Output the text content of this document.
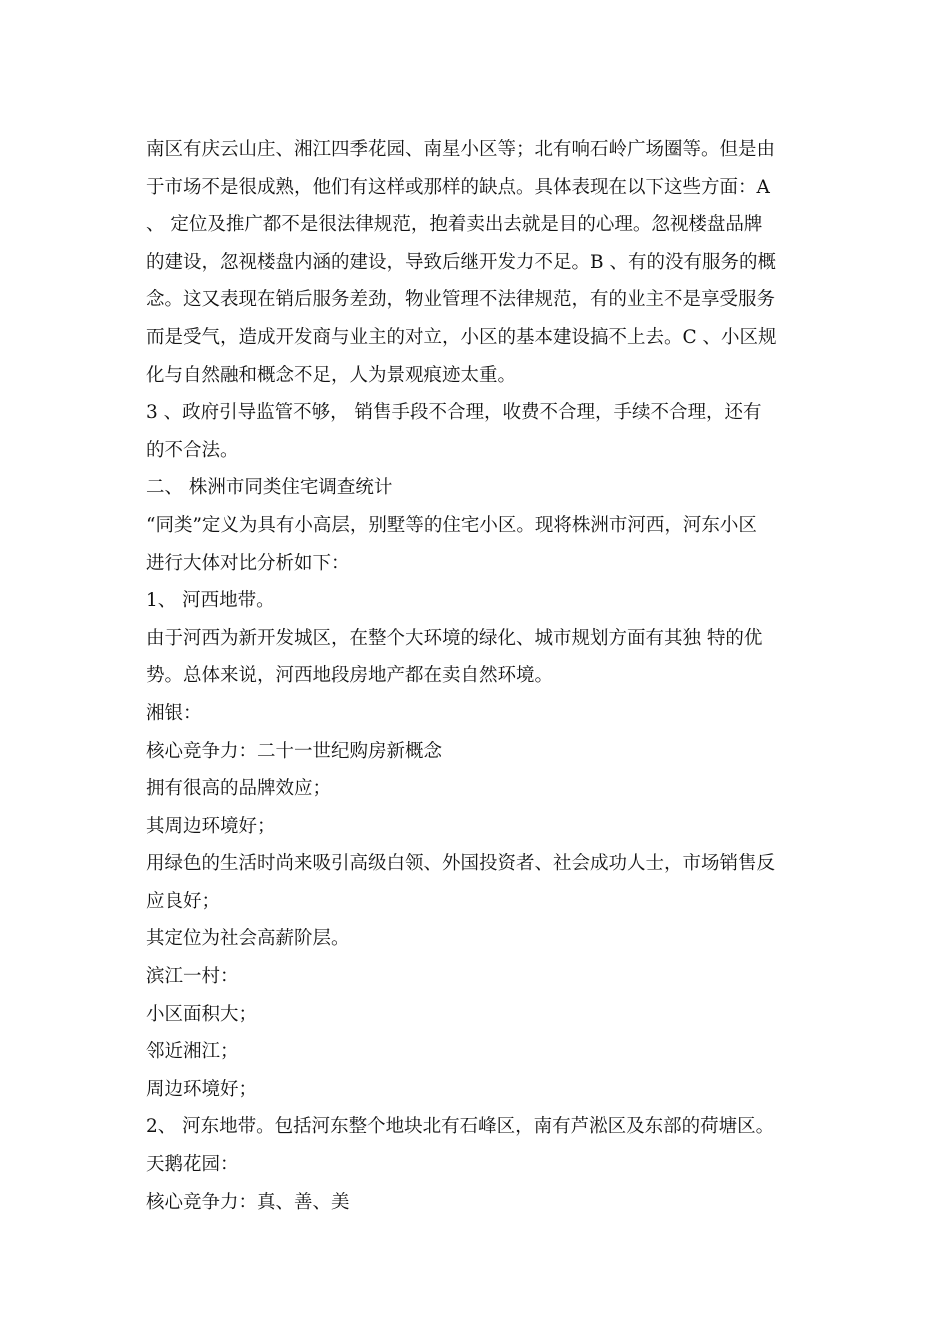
南区有庆云山庄、湘江四季花园、南星小区等；北有响石岭广场圈等。但是由
于市场不是很成熟，他们有这样或那样的缺点。具体表现在以下这些方面：A
、 定位及推广都不是很法律规范，抱着卖出去就是目的心理。忽视楼盘品牌
的建设，忽视楼盘内涵的建设，导致后继开发力不足。B 、有的没有服务的概
念。这又表现在销后服务差劲，物业管理不法律规范，有的业主不是享受服务
而是受气，造成开发商与业主的对立，小区的基本建设搞不上去。C 、小区规
化与自然融和概念不足，人为景观痕迹太重。
3 、政府引导监管不够， 销售手段不合理，收费不合理，手续不合理，还有
的不合法。
二、 株洲市同类住宅调查统计
“同类”定义为具有小高层，别墅等的住宅小区。现将株洲市河西，河东小区
进行大体对比分析如下：
1、 河西地带。
由于河西为新开发城区，在整个大环境的绿化、城市规划方面有其独 特的优
势。总体来说，河西地段房地产都在卖自然环境。
湘银：
核心竞争力：二十一世纪购房新概念
拥有很高的品牌效应；
其周边环境好；
用绿色的生活时尚来吸引高级白领、外国投资者、社会成功人士，市场销售反
应良好；
其定位为社会高薪阶层。
滨江一村：
小区面积大；
邻近湘江；
周边环境好；
2、 河东地带。包括河东整个地块北有石峰区，南有芦淞区及东部的荷塘区。
天鹅花园：
核心竞争力：真、善、美
